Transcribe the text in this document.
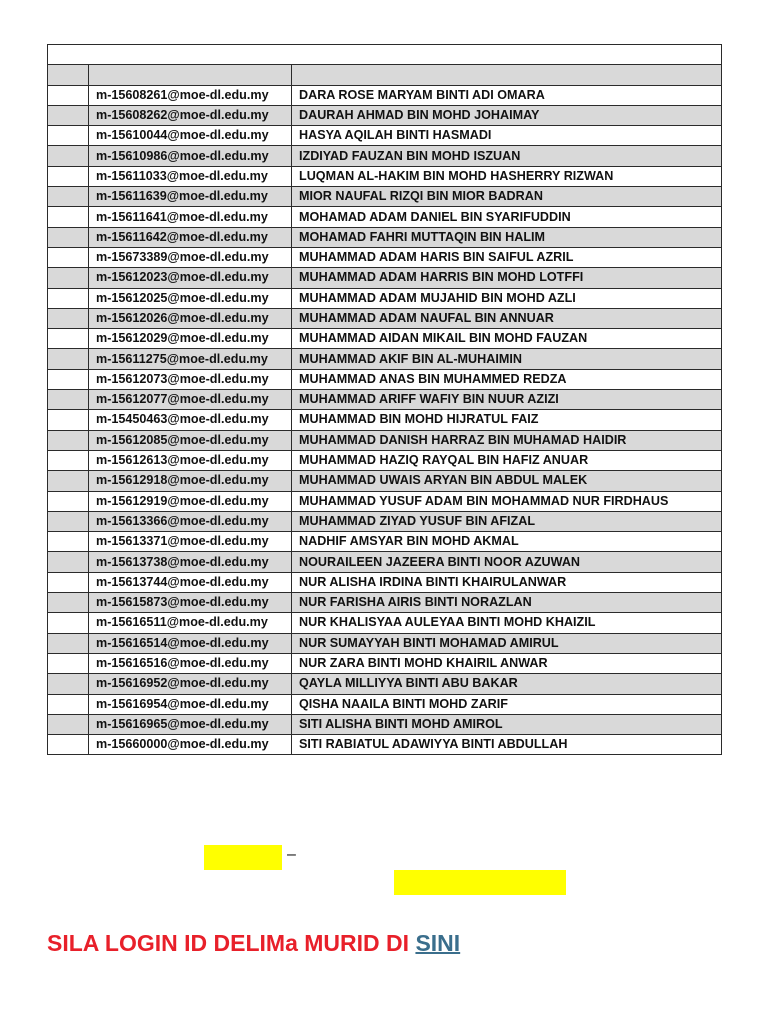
	m-15608261@moe-dl.edu.my	DARA ROSE MARYAM BINTI ADI OMARA
	m-15608262@moe-dl.edu.my	DAURAH AHMAD BIN MOHD JOHAIMAY
	m-15610044@moe-dl.edu.my	HASYA AQILAH BINTI HASMADI
	m-15610986@moe-dl.edu.my	IZDIYAD FAUZAN BIN MOHD ISZUAN
	m-15611033@moe-dl.edu.my	LUQMAN AL-HAKIM BIN MOHD HASHERRY RIZWAN
	m-15611639@moe-dl.edu.my	MIOR NAUFAL RIZQI BIN MIOR BADRAN
	m-15611641@moe-dl.edu.my	MOHAMAD ADAM DANIEL BIN SYARIFUDDIN
	m-15611642@moe-dl.edu.my	MOHAMAD FAHRI MUTTAQIN BIN HALIM
	m-15673389@moe-dl.edu.my	MUHAMMAD ADAM HARIS BIN SAIFUL AZRIL
	m-15612023@moe-dl.edu.my	MUHAMMAD ADAM HARRIS BIN MOHD LOTFFI
	m-15612025@moe-dl.edu.my	MUHAMMAD ADAM MUJAHID BIN MOHD AZLI
	m-15612026@moe-dl.edu.my	MUHAMMAD ADAM NAUFAL BIN ANNUAR
	m-15612029@moe-dl.edu.my	MUHAMMAD AIDAN MIKAIL BIN MOHD FAUZAN
	m-15611275@moe-dl.edu.my	MUHAMMAD AKIF BIN AL-MUHAIMIN
	m-15612073@moe-dl.edu.my	MUHAMMAD ANAS BIN MUHAMMED REDZA
	m-15612077@moe-dl.edu.my	MUHAMMAD ARIFF WAFIY BIN NUUR AZIZI
	m-15450463@moe-dl.edu.my	MUHAMMAD BIN MOHD HIJRATUL FAIZ
	m-15612085@moe-dl.edu.my	MUHAMMAD DANISH HARRAZ BIN MUHAMAD HAIDIR
	m-15612613@moe-dl.edu.my	MUHAMMAD HAZIQ RAYQAL BIN HAFIZ ANUAR
	m-15612918@moe-dl.edu.my	MUHAMMAD UWAIS ARYAN BIN ABDUL MALEK
	m-15612919@moe-dl.edu.my	MUHAMMAD YUSUF ADAM BIN MOHAMMAD NUR FIRDHAUS
	m-15613366@moe-dl.edu.my	MUHAMMAD ZIYAD YUSUF BIN AFIZAL
	m-15613371@moe-dl.edu.my	NADHIF AMSYAR BIN MOHD AKMAL
	m-15613738@moe-dl.edu.my	NOURAILEEN JAZEERA BINTI NOOR AZUWAN
	m-15613744@moe-dl.edu.my	NUR ALISHA IRDINA BINTI KHAIRULANWAR
	m-15615873@moe-dl.edu.my	NUR FARISHA AIRIS BINTI NORAZLAN
	m-15616511@moe-dl.edu.my	NUR KHALISYAA AULEYAA BINTI MOHD KHAIZIL
	m-15616514@moe-dl.edu.my	NUR SUMAYYAH BINTI MOHAMAD AMIRUL
	m-15616516@moe-dl.edu.my	NUR ZARA BINTI MOHD KHAIRIL ANWAR
	m-15616952@moe-dl.edu.my	QAYLA MILLIYYA BINTI ABU BAKAR
	m-15616954@moe-dl.edu.my	QISHA NAAILA BINTI MOHD ZARIF
	m-15616965@moe-dl.edu.my	SITI ALISHA BINTI MOHD AMIROL
	m-15660000@moe-dl.edu.my	SITI RABIATUL ADAWIYYA BINTI ABDULLAH
–
SILA LOGIN ID DELIMa MURID DI SINI
